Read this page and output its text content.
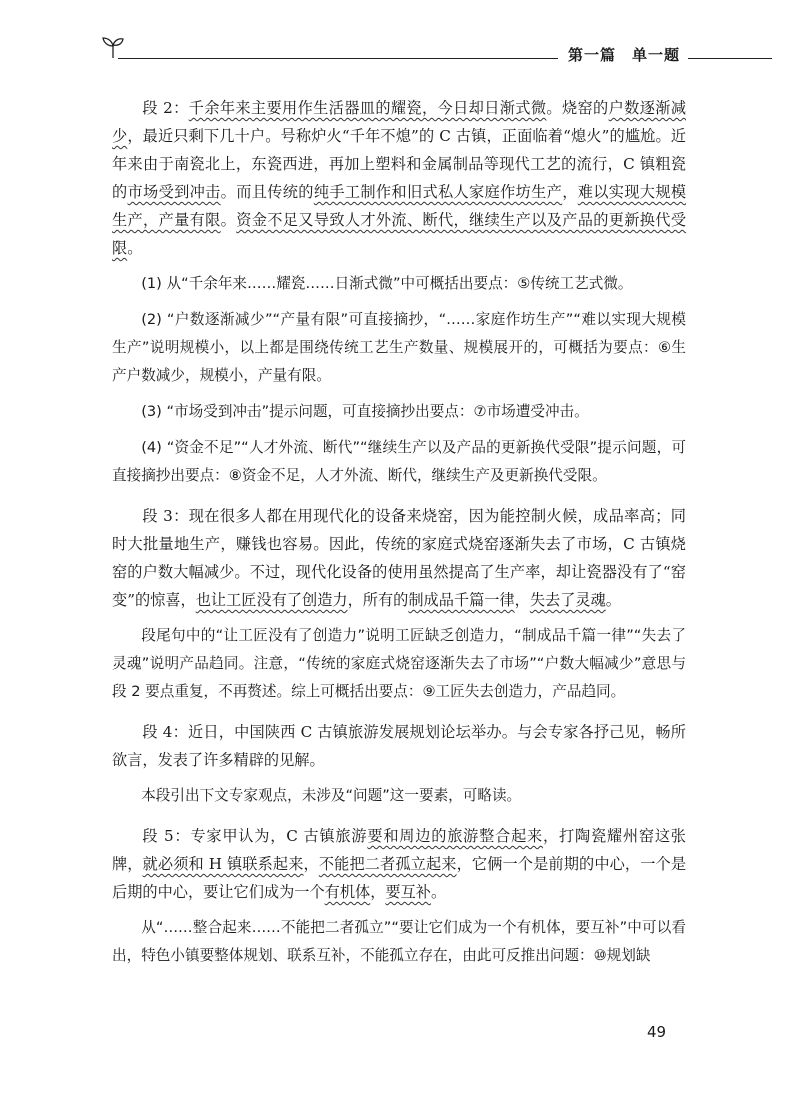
第一篇　单一题

段 2：千余年来主要用作生活器皿的耀瓷，今日却日渐式微。烧窑的户数逐渐减少，最近只剩下几十户。号称炉火“千年不熄”的 C 古镇，正面临着“熄火”的尴尬。近年来由于南瓷北上，东瓷西进，再加上塑料和金属制品等现代工艺的流行，C 镇粗瓷的市场受到冲击。而且传统的纯手工制作和旧式私人家庭作坊生产，难以实现大规模生产，产量有限。资金不足又导致人才外流、断代，继续生产以及产品的更新换代受限。

(1) 从“千余年来……耀瓷……日渐式微”中可概括出要点：⑤传统工艺式微。

(2) “户数逐渐减少”“产量有限”可直接摘抄，“……家庭作坊生产”“难以实现大规模生产”说明规模小，以上都是围绕传统工艺生产数量、规模展开的，可概括为要点：⑥生产户数减少，规模小，产量有限。

(3) “市场受到冲击”提示问题，可直接摘抄出要点：⑦市场遭受冲击。

(4) “资金不足”“人才外流、断代”“继续生产以及产品的更新换代受限”提示问题，可直接摘抄出要点：⑧资金不足，人才外流、断代，继续生产及更新换代受限。

段 3：现在很多人都在用现代化的设备来烧窑，因为能控制火候，成品率高；同时大批量地生产，赚钱也容易。因此，传统的家庭式烧窑逐渐失去了市场，C 古镇烧窑的户数大幅减少。不过，现代化设备的使用虽然提高了生产率，却让瓷器没有了“窑变”的惊喜，也让工匠没有了创造力，所有的制成品千篇一律，失去了灵魂。

段尾句中的“让工匠没有了创造力”说明工匠缺乏创造力，“制成品千篇一律”“失去了灵魂”说明产品趋同。注意，“传统的家庭式烧窑逐渐失去了市场”“户数大幅减少”意思与段 2 要点重复，不再赘述。综上可概括出要点：⑨工匠失去创造力，产品趋同。

段 4：近日，中国陕西 C 古镇旅游发展规划论坛举办。与会专家各抒己见，畅所欲言，发表了许多精辟的见解。

本段引出下文专家观点，未涉及“问题”这一要素，可略读。

段 5：专家甲认为，C 古镇旅游要和周边的旅游整合起来，打陶瓷耀州窑这张牌，就必须和 H 镇联系起来，不能把二者孤立起来，它俩一个是前期的中心，一个是后期的中心，要让它们成为一个有机体，要互补。

从“……整合起来……不能把二者孤立”“要让它们成为一个有机体，要互补”中可以看出，特色小镇要整体规划、联系互补，不能孤立存在，由此可反推出问题：⑩规划缺

49
